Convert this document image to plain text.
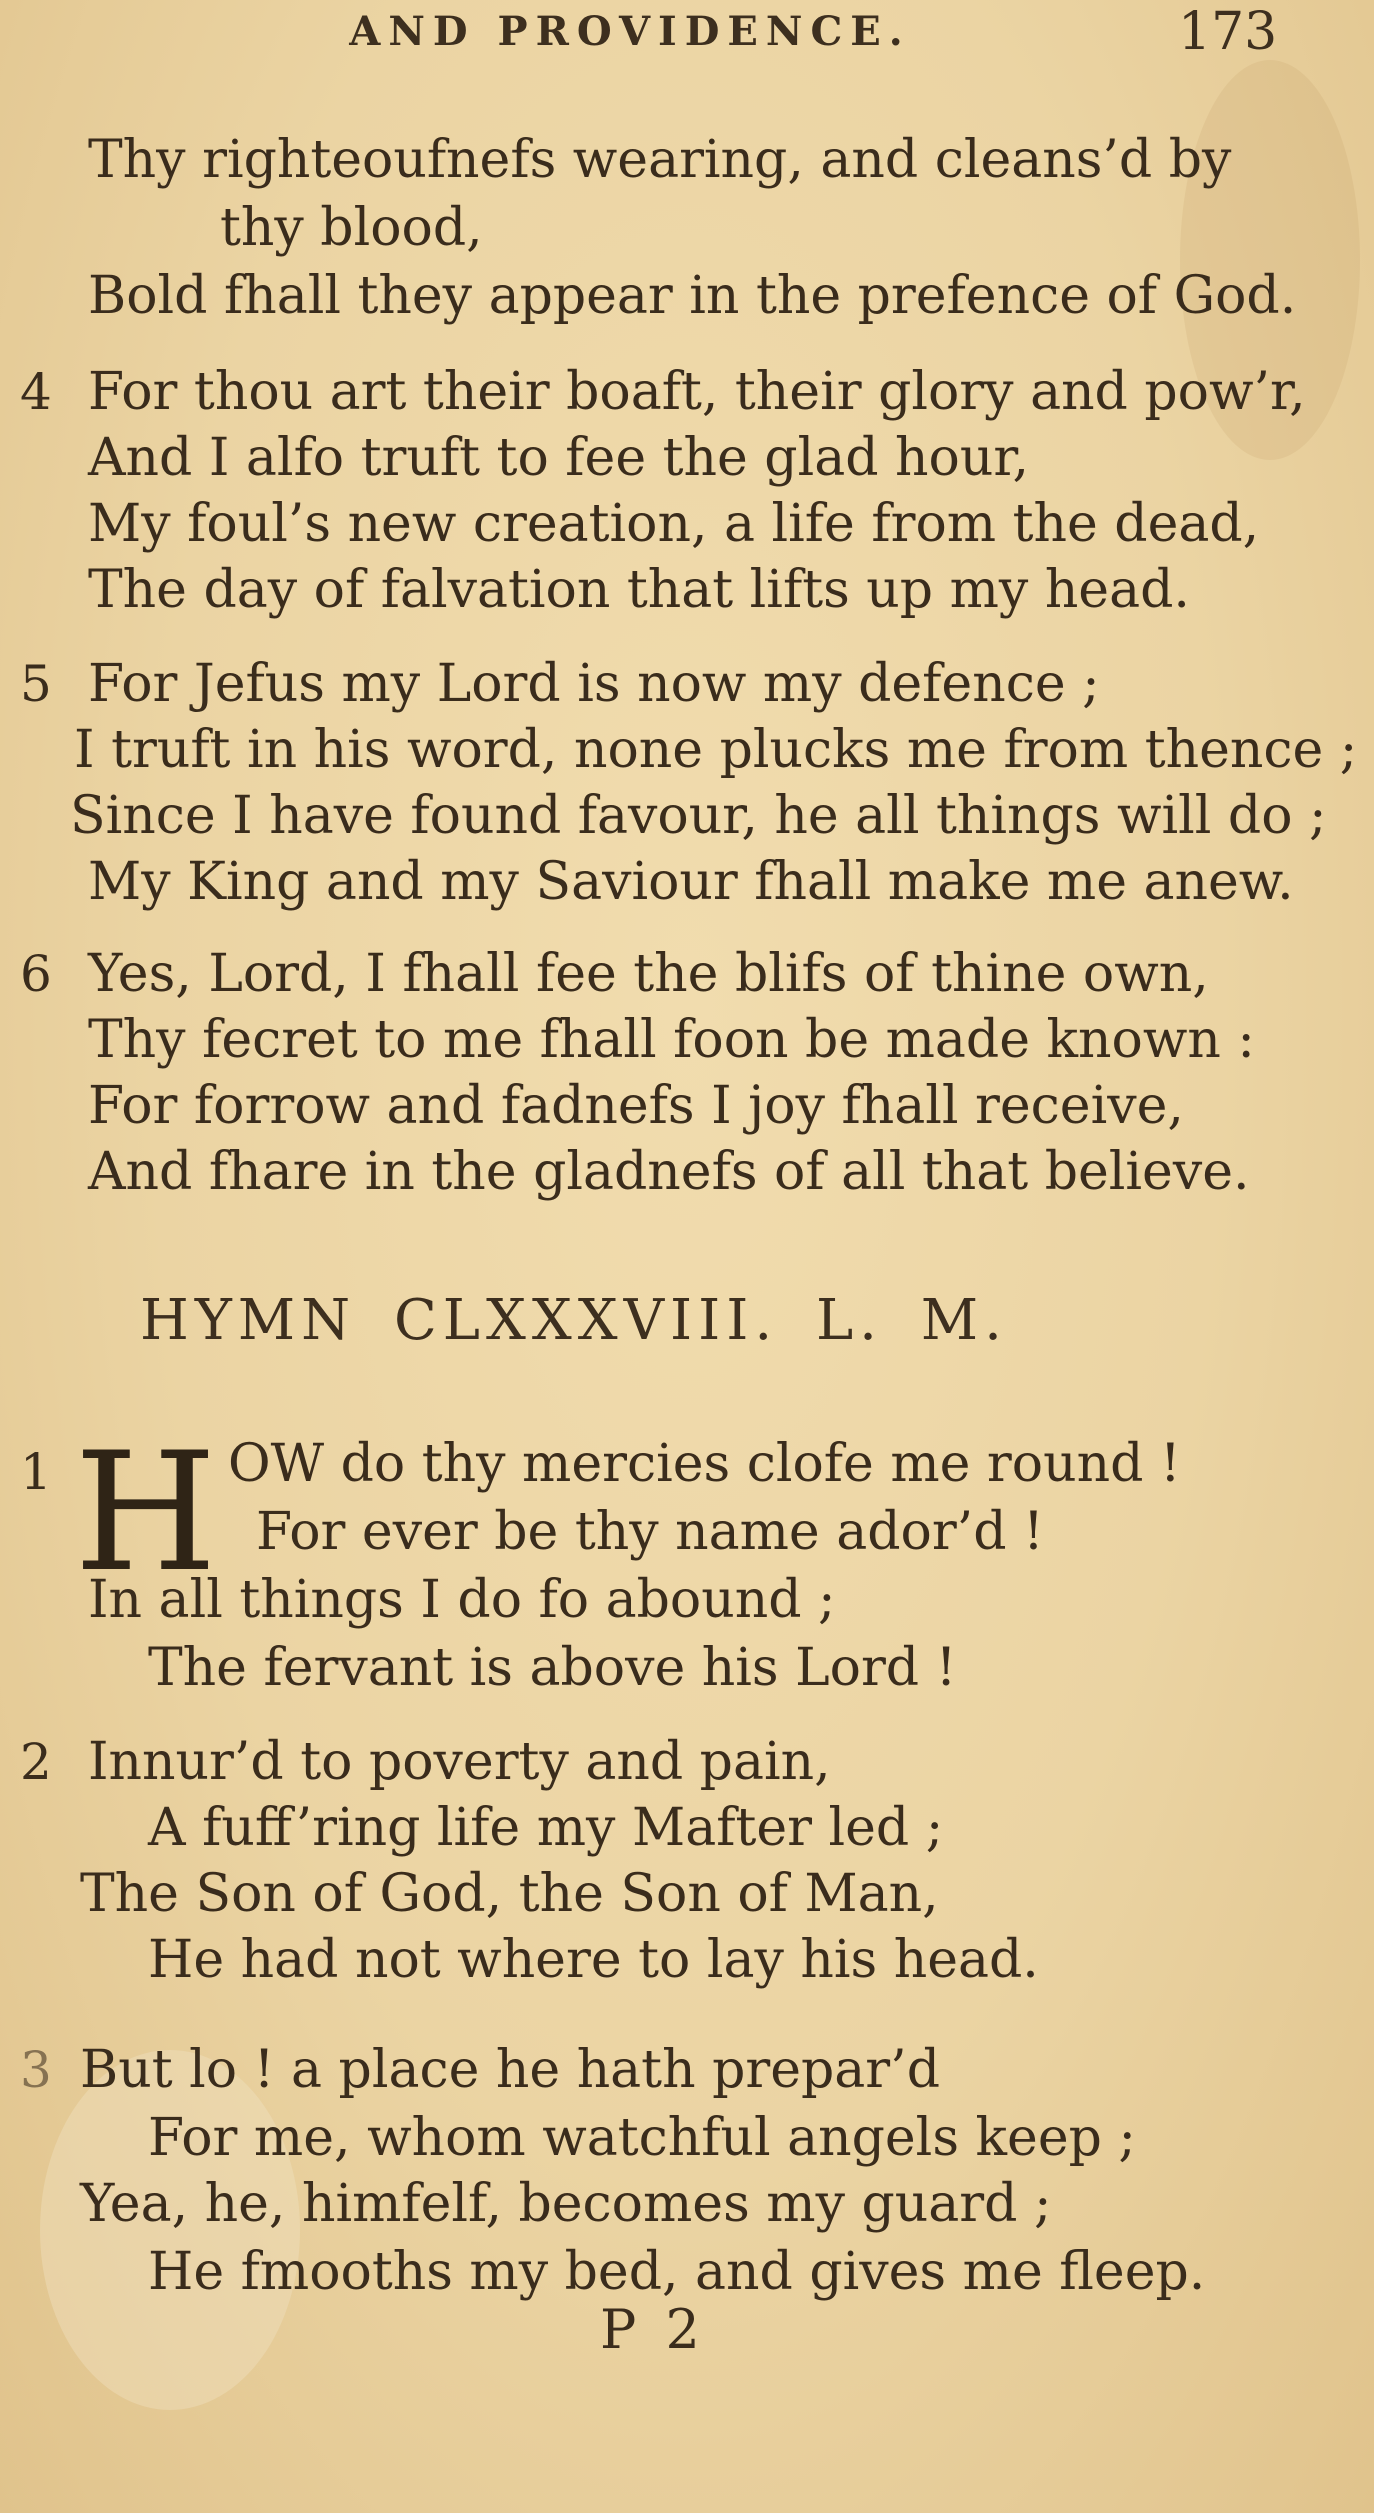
AND PROVIDENCE.	173
Thy righteoufnefs wearing, and cleans’d by
thy blood,
Bold fhall they appear in the prefence of God.
4 For thou art their boaft, their glory and pow’r,
And I alfo truft to fee the glad hour,
My foul’s new creation, a life from the dead,
The day of falvation that lifts up my head.
5 For Jefus my Lord is now my defence ;
I truft in his word, none plucks me from thence ;
Since I have found favour, he all things will do ;
My King and my Saviour fhall make me anew.
6 Yes, Lord, I fhall fee the blifs of thine own,
Thy fecret to me fhall foon be made known :
For forrow and fadnefs I joy fhall receive,
And fhare in the gladnefs of all that believe.
HYMN CLXXXVIII. L. M.
1 H OW do thy mercies clofe me round !
For ever be thy name ador’d !
In all things I do fo abound ;
The fervant is above his Lord !
2 Innur’d to poverty and pain,
A fuff’ring life my Mafter led ;
The Son of God, the Son of Man,
He had not where to lay his head.
3 But lo ! a place he hath prepar’d
For me, whom watchful angels keep ;
Yea, he, himfelf, becomes my guard ;
He fmooths my bed, and gives me fleep.
P 2
